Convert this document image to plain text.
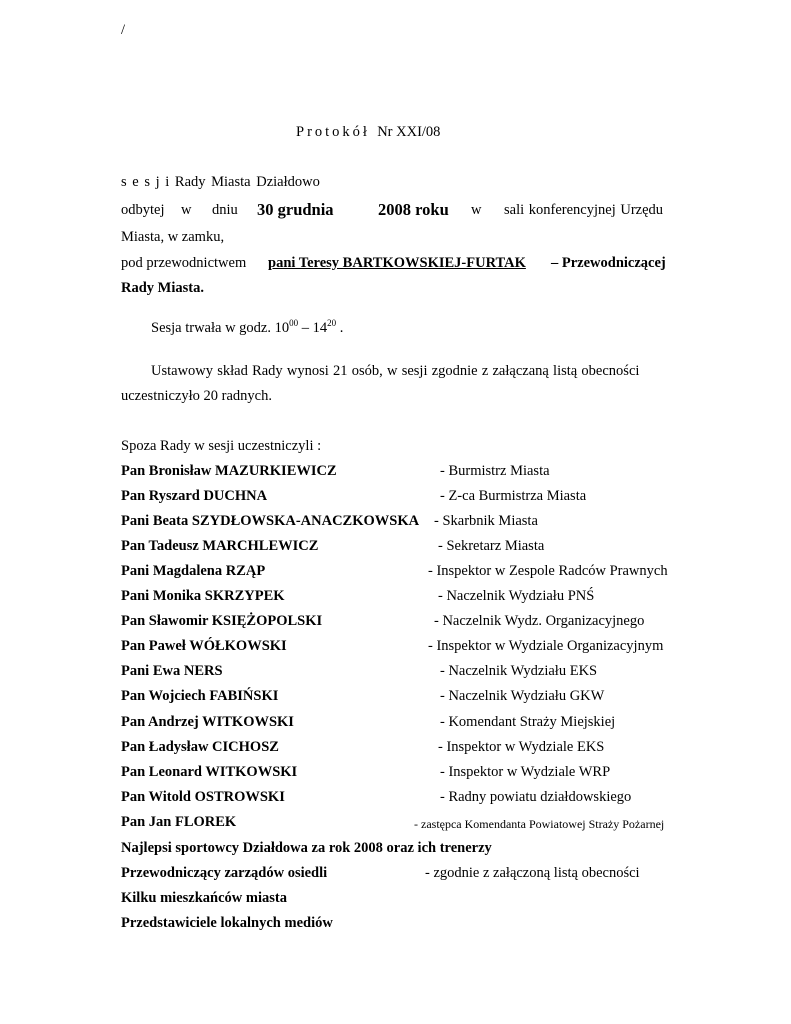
/
Protokół Nr XXI/08
s e s j i Rady Miasta Działdowo
odbytej w dniu 30 grudnia	2008 roku w sali konferencyjnej Urzędu
Miasta, w zamku,
pod przewodnictwem pani Teresy BARTKOWSKIEJ-FURTAK – Przewodniczącej
Rady Miasta.
Sesja trwała w godz. $10^{00} - 14^{20}$ .
Ustawowy skład Rady wynosi 21 osób, w sesji zgodnie z załączaną listą obecności
uczestniczyło 20 radnych.
Spoza Rady w sesji uczestniczyli :
Pan Bronisław MAZURKIEWICZ	- Burmistrz Miasta
Pan Ryszard DUCHNA	- Z-ca Burmistrza Miasta
Pani Beata SZYDŁOWSKA-ANACZKOWSKA - Skarbnik Miasta
Pan Tadeusz MARCHLEWICZ	- Sekretarz Miasta
Pani Magdalena RZĄP	- Inspektor w Zespole Radców Prawnych
Pani Monika SKRZYPEK	- Naczelnik Wydziału PNŚ
Pan Sławomir KSIĘŻOPOLSKI	- Naczelnik Wydz. Organizacyjnego
Pan Paweł WÓŁKOWSKI	- Inspektor w Wydziale Organizacyjnym
Pani Ewa NERS	- Naczelnik Wydziału EKS
Pan Wojciech FABIŃSKI	- Naczelnik Wydziału GKW
Pan Andrzej WITKOWSKI	- Komendant Straży Miejskiej
Pan Ładysław CICHOSZ	- Inspektor w Wydziale EKS
Pan Leonard WITKOWSKI	- Inspektor w Wydziale WRP
Pan Witold OSTROWSKI	- Radny powiatu działdowskiego
Pan Jan FLOREK	- zastępca Komendanta Powiatowej Straży Pożarnej
Najlepsi sportowcy Działdowa za rok 2008 oraz ich trenerzy
Przewodniczący zarządów osiedli	- zgodnie z załączoną listą obecności
Kilku mieszkańców miasta
Przedstawiciele lokalnych mediów
